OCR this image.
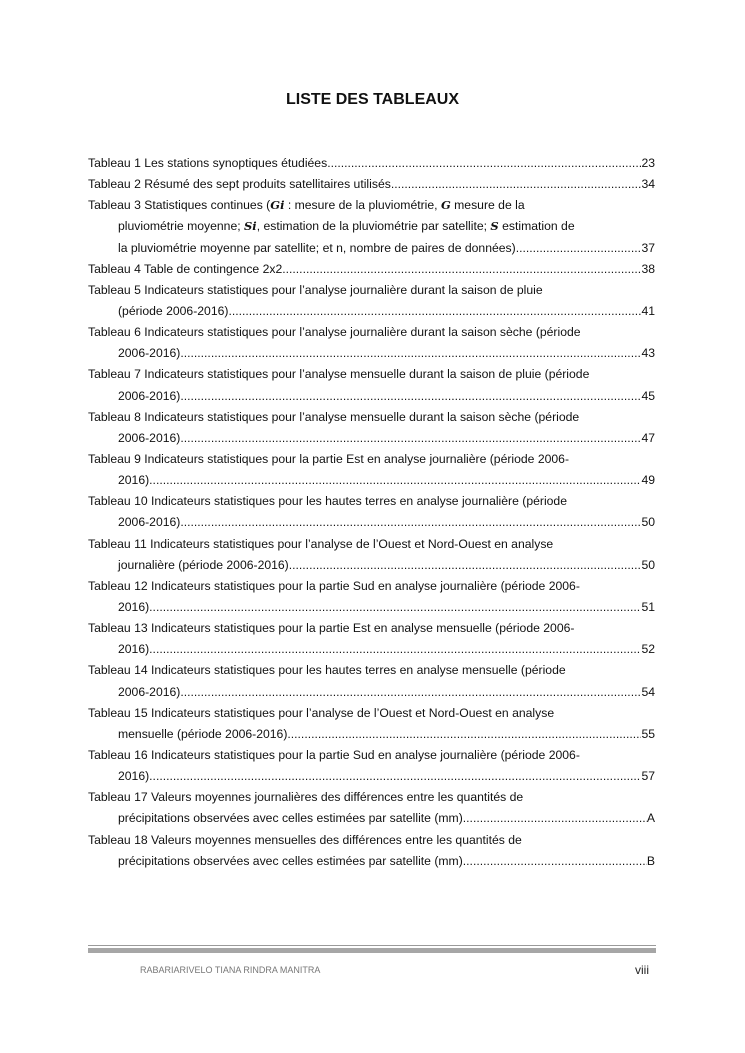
LISTE DES TABLEAUX
Tableau 1 Les stations synoptiques étudiées .....	23
Tableau 2 Résumé des sept produits satellitaires utilisés .....	34
Tableau 3 Statistiques continues (Gi : mesure de la pluviométrie, G mesure de la
pluviométrie moyenne; Si, estimation de la pluviométrie par satellite; S estimation de
la pluviométrie moyenne par satellite; et n, nombre de paires de données) .....	37
Tableau 4 Table de contingence 2x2 .....	38
Tableau 5 Indicateurs statistiques pour l’analyse journalière durant la saison de pluie
(période 2006-2016) .....	41
Tableau 6 Indicateurs statistiques pour l’analyse journalière durant la saison sèche (période
2006-2016) .....	43
Tableau 7 Indicateurs statistiques pour l’analyse mensuelle durant la saison de pluie (période
2006-2016) .....	45
Tableau 8 Indicateurs statistiques pour l’analyse mensuelle durant la saison sèche (période
2006-2016) .....	47
Tableau 9 Indicateurs statistiques pour la partie Est en analyse journalière (période 2006-
2016) .....	49
Tableau 10 Indicateurs statistiques pour les hautes terres en analyse journalière (période
2006-2016) .....	50
Tableau 11 Indicateurs statistiques pour l’analyse de l’Ouest et Nord-Ouest en analyse
journalière (période 2006-2016) .....	50
Tableau 12 Indicateurs statistiques pour la partie Sud en analyse journalière (période 2006-
2016) .....	51
Tableau 13 Indicateurs statistiques pour la partie Est en analyse mensuelle (période 2006-
2016) .....	52
Tableau 14 Indicateurs statistiques pour les hautes terres en analyse mensuelle (période
2006-2016) .....	54
Tableau 15 Indicateurs statistiques pour l’analyse de l’Ouest et Nord-Ouest en analyse
mensuelle (période 2006-2016) .....	55
Tableau 16 Indicateurs statistiques pour la partie Sud en analyse journalière (période 2006-
2016) .....	57
Tableau 17 Valeurs moyennes journalières des différences entre les quantités de
précipitations observées avec celles estimées par satellite (mm) .....	A
Tableau 18 Valeurs moyennes mensuelles des différences entre les quantités de
précipitations observées avec celles estimées par satellite (mm) .....	B
RABARIARIVELO TIANA RINDRA MANITRA	viii
